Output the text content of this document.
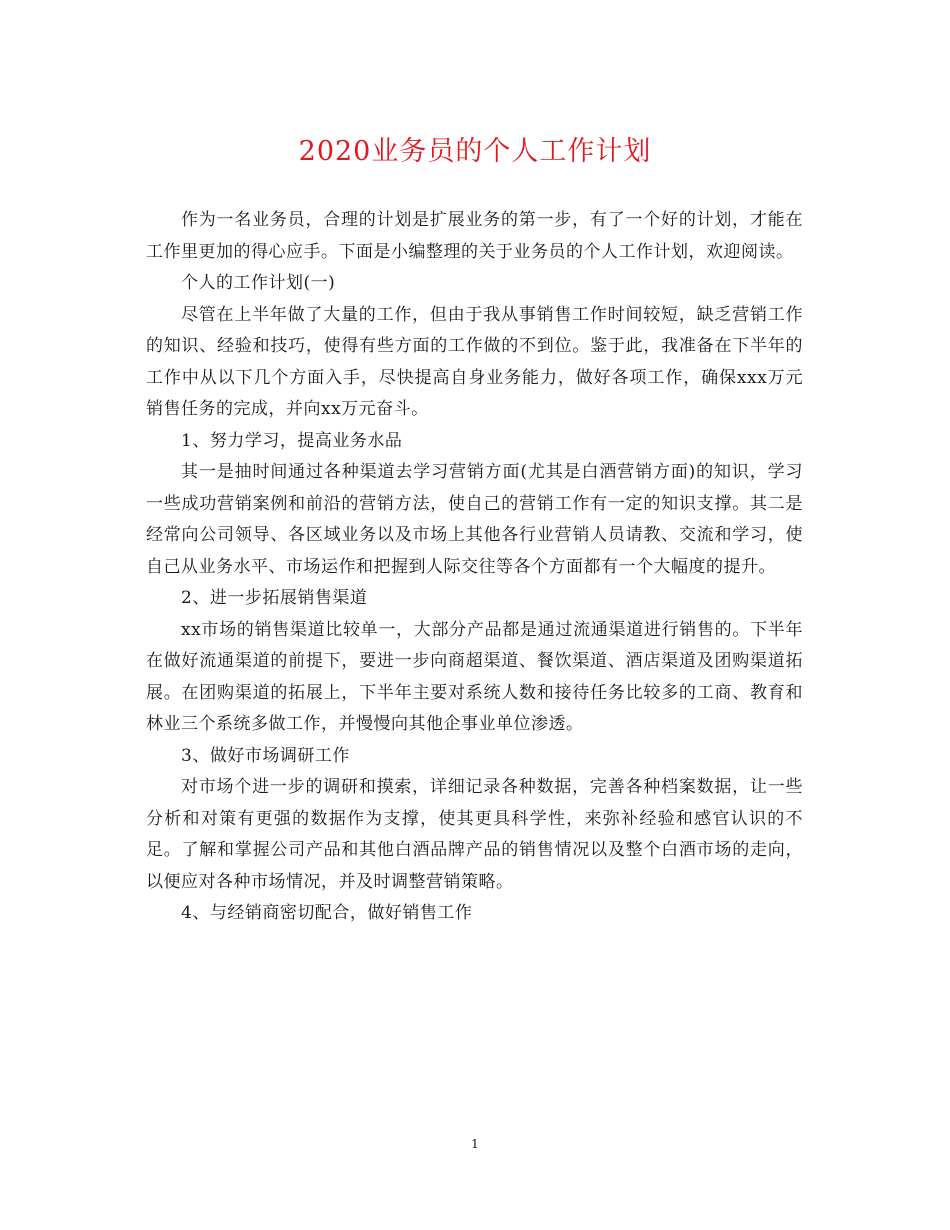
2020业务员的个人工作计划

作为一名业务员，合理的计划是扩展业务的第一步，有了一个好的计划，才能在工作里更加的得心应手。下面是小编整理的关于业务员的个人工作计划，欢迎阅读。

个人的工作计划(一)

尽管在上半年做了大量的工作，但由于我从事销售工作时间较短，缺乏营销工作的知识、经验和技巧，使得有些方面的工作做的不到位。鉴于此，我准备在下半年的工作中从以下几个方面入手，尽快提高自身业务能力，做好各项工作，确保xxx万元销售任务的完成，并向xx万元奋斗。

1、努力学习，提高业务水品

其一是抽时间通过各种渠道去学习营销方面(尤其是白酒营销方面)的知识，学习一些成功营销案例和前沿的营销方法，使自己的营销工作有一定的知识支撑。其二是经常向公司领导、各区域业务以及市场上其他各行业营销人员请教、交流和学习，使自己从业务水平、市场运作和把握到人际交往等各个方面都有一个大幅度的提升。

2、进一步拓展销售渠道

xx市场的销售渠道比较单一，大部分产品都是通过流通渠道进行销售的。下半年在做好流通渠道的前提下，要进一步向商超渠道、餐饮渠道、酒店渠道及团购渠道拓展。在团购渠道的拓展上，下半年主要对系统人数和接待任务比较多的工商、教育和林业三个系统多做工作，并慢慢向其他企事业单位渗透。

3、做好市场调研工作

对市场个进一步的调研和摸索，详细记录各种数据，完善各种档案数据，让一些分析和对策有更强的数据作为支撑，使其更具科学性，来弥补经验和感官认识的不足。了解和掌握公司产品和其他白酒品牌产品的销售情况以及整个白酒市场的走向，以便应对各种市场情况，并及时调整营销策略。

4、与经销商密切配合，做好销售工作

1
